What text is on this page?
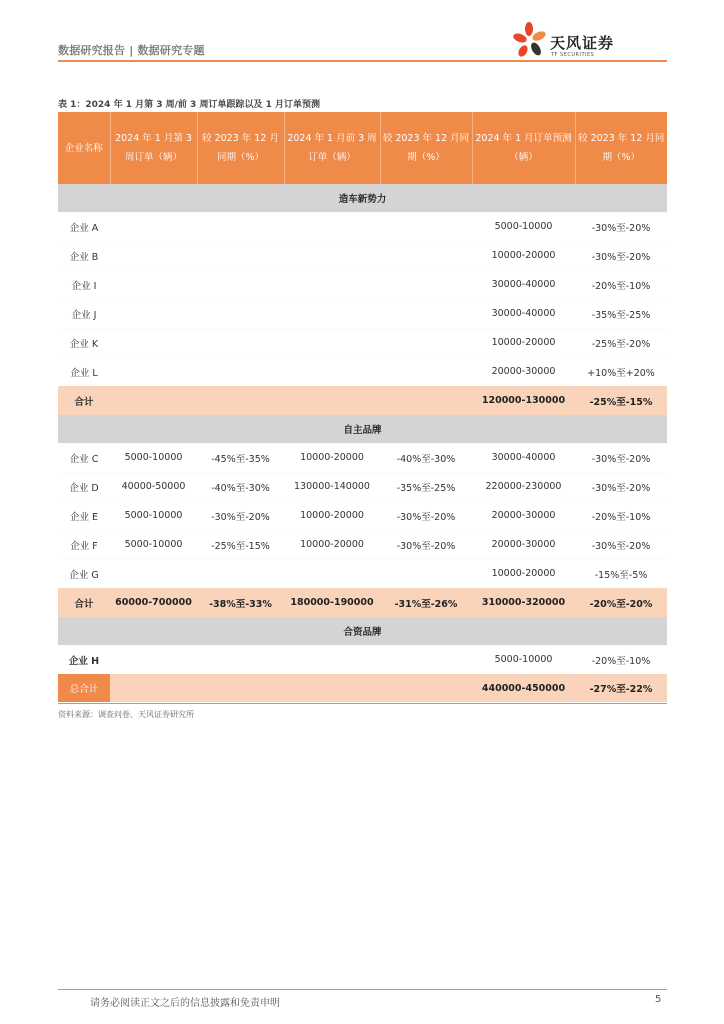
数据研究报告 | 数据研究专题	天风证券
TF SECURITIES
表 1：2024 年 1 月第 3 周/前 3 周订单跟踪以及 1 月订单预测
企业名称	2024 年 1 月第 3 周订单（辆）	较 2023 年 12 月同期（%）	2024 年 1 月前 3 周订单（辆）	较 2023 年 12 月同期（%）	2024 年 1 月订单预测（辆）	较 2023 年 12 月同期（%）
造车新势力						
企业 A					5000-10000	-30%至-20%
企业 B					10000-20000	-30%至-20%
企业 I					30000-40000	-20%至-10%
企业 J					30000-40000	-35%至-25%
企业 K					10000-20000	-25%至-20%
企业 L					20000-30000	+10%至+20%
合计					120000-130000	-25%至-15%
自主品牌						
企业 C	5000-10000	-45%至-35%	10000-20000	-40%至-30%	30000-40000	-30%至-20%
企业 D	40000-50000	-40%至-30%	130000-140000	-35%至-25%	220000-230000	-30%至-20%
企业 E	5000-10000	-30%至-20%	10000-20000	-30%至-20%	20000-30000	-20%至-10%
企业 F	5000-10000	-25%至-15%	10000-20000	-30%至-20%	20000-30000	-30%至-20%
企业 G					10000-20000	-15%至-5%
合计	60000-700000	-38%至-33%	180000-190000	-31%至-26%	310000-320000	-20%至-20%
合资品牌						
企业 H					5000-10000	-20%至-10%
总合计					440000-450000	-27%至-22%
资料来源：调查问卷、天风证券研究所
请务必阅读正文之后的信息披露和免责申明	5
